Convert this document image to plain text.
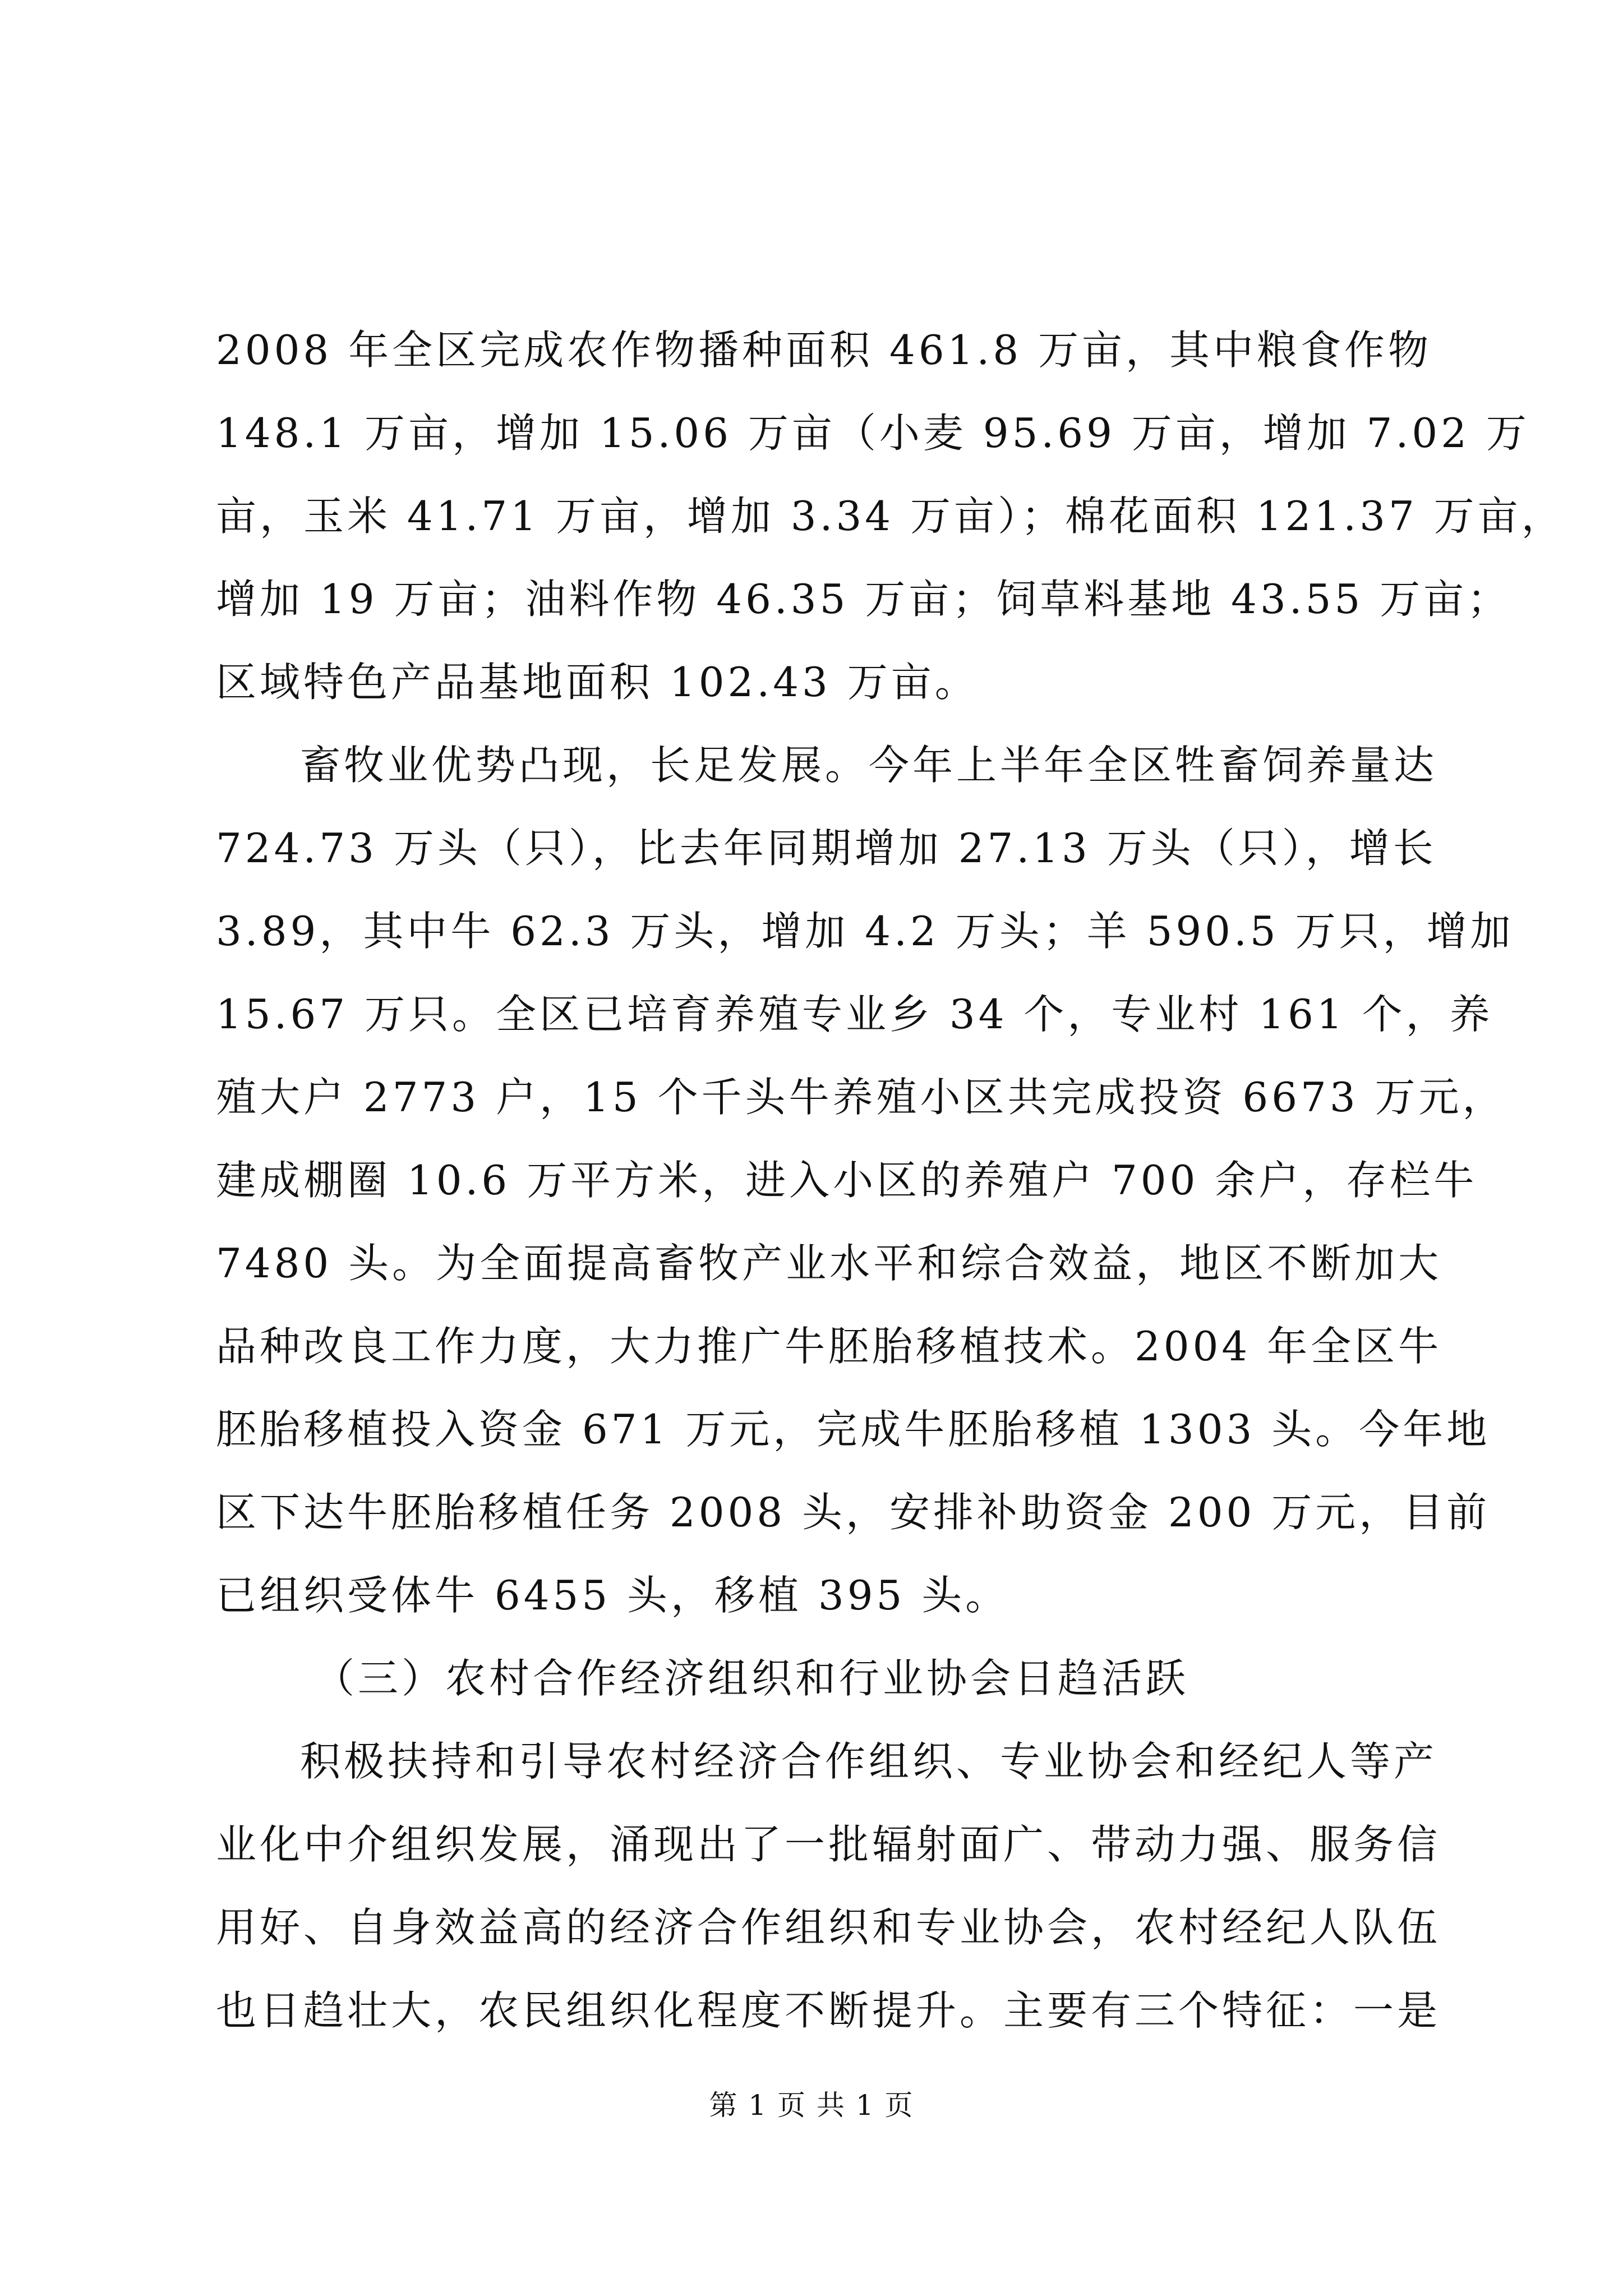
2008 年全区完成农作物播种面积 461.8 万亩，其中粮食作物
148.1 万亩，增加 15.06 万亩（小麦 95.69 万亩，增加 7.02 万
亩，玉米 41.71 万亩，增加 3.34 万亩）；棉花面积 121.37 万亩，
增加 19 万亩；油料作物 46.35 万亩；饲草料基地 43.55 万亩；
区域特色产品基地面积 102.43 万亩。
畜牧业优势凸现，长足发展。今年上半年全区牲畜饲养量达
724.73 万头（只），比去年同期增加 27.13 万头（只），增长
3.89，其中牛 62.3 万头，增加 4.2 万头；羊 590.5 万只，增加
15.67 万只。全区已培育养殖专业乡 34 个，专业村 161 个，养
殖大户 2773 户，15 个千头牛养殖小区共完成投资 6673 万元，
建成棚圈 10.6 万平方米，进入小区的养殖户 700 余户，存栏牛
7480 头。为全面提高畜牧产业水平和综合效益，地区不断加大
品种改良工作力度，大力推广牛胚胎移植技术。2004 年全区牛
胚胎移植投入资金 671 万元，完成牛胚胎移植 1303 头。今年地
区下达牛胚胎移植任务 2008 头，安排补助资金 200 万元，目前
已组织受体牛 6455 头，移植 395 头。
（三）农村合作经济组织和行业协会日趋活跃
积极扶持和引导农村经济合作组织、专业协会和经纪人等产
业化中介组织发展，涌现出了一批辐射面广、带动力强、服务信
用好、自身效益高的经济合作组织和专业协会，农村经纪人队伍
也日趋壮大，农民组织化程度不断提升。主要有三个特征：一是
第 1 页 共 1 页
